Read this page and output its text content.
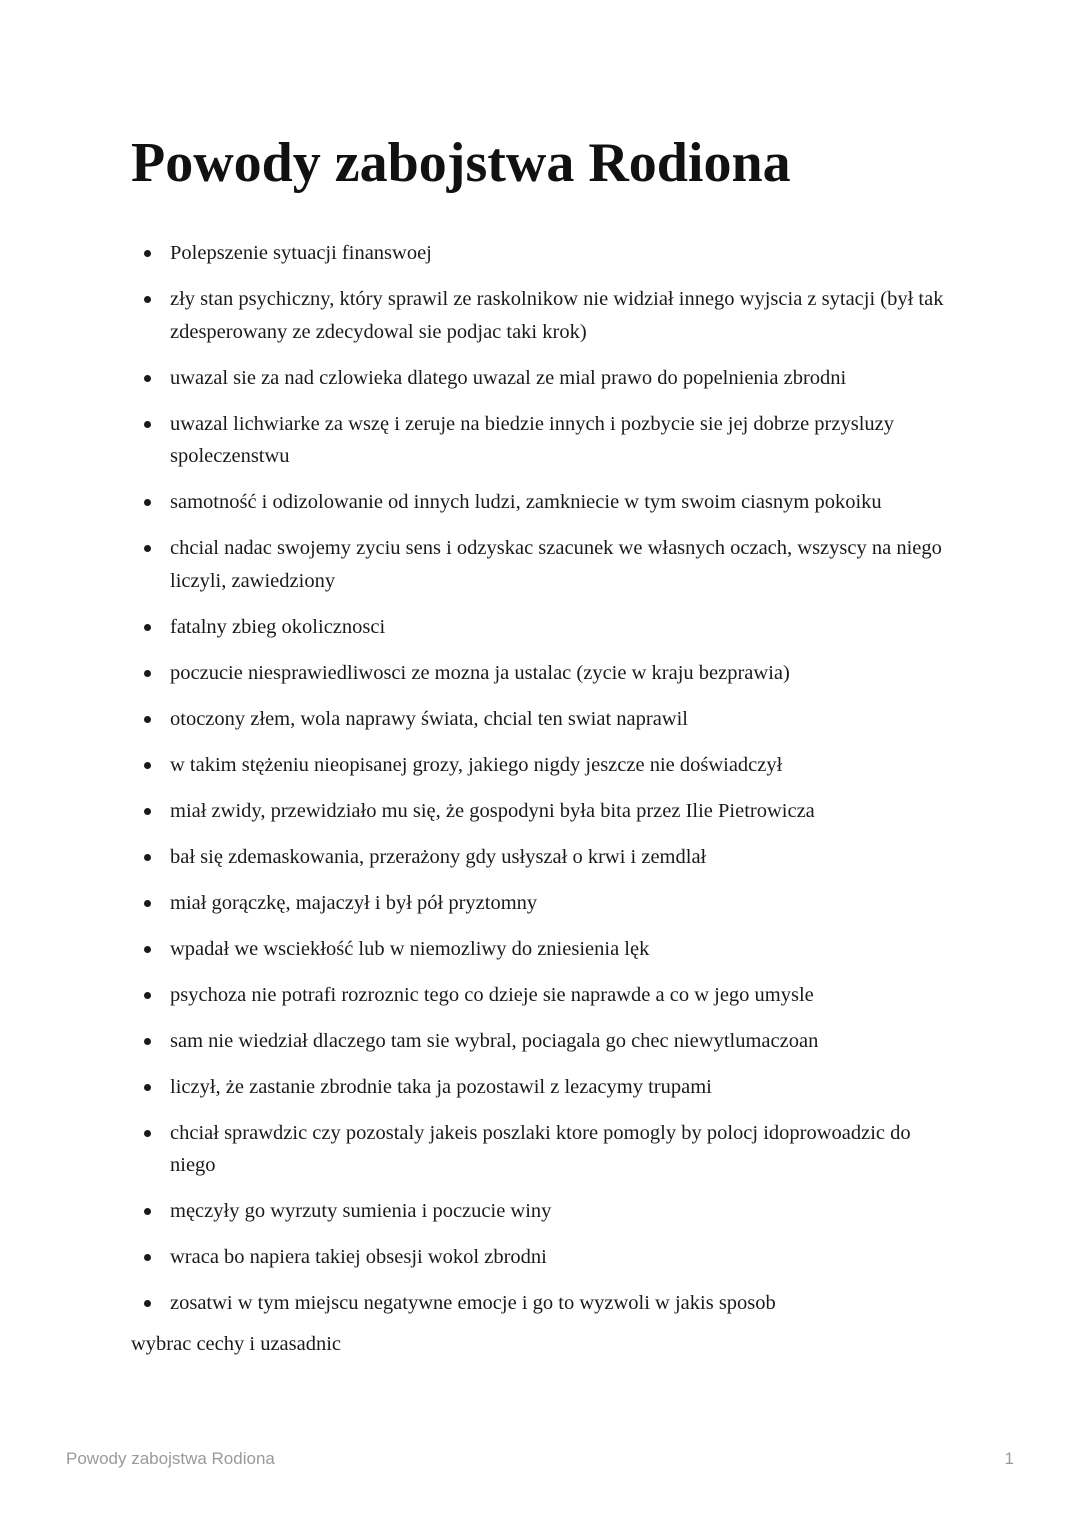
Powody zabojstwa Rodiona
Polepszenie sytuacji finanswoej
zły stan psychiczny, który sprawil ze raskolnikow nie widział innego wyjscia z sytacji (był tak zdesperowany ze zdecydowal sie podjac taki krok)
uwazal sie za nad czlowieka dlatego uwazal ze mial prawo do popelnienia zbrodni
uwazal lichwiarke za wszę i zeruje na biedzie innych i pozbycie sie jej dobrze przysluzy spoleczenstwu
samotność i odizolowanie od innych ludzi, zamkniecie w tym swoim ciasnym pokoiku
chcial nadac swojemy zyciu sens i odzyskac szacunek we własnych oczach, wszyscy na niego liczyli, zawiedziony
fatalny zbieg okolicznosci
poczucie niesprawiedliwosci ze mozna ja ustalac (zycie w kraju bezprawia)
otoczony złem, wola naprawy świata, chcial ten swiat naprawil
w takim stężeniu nieopisanej grozy, jakiego nigdy jeszcze nie doświadczył
miał zwidy, przewidziało mu się, że gospodyni była bita przez Ilie Pietrowicza
bał się zdemaskowania, przerażony gdy usłyszał o krwi i zemdlał
miał gorączkę, majaczył i był pół pryztomny
wpadał we wsciekłość lub w niemozliwy do zniesienia lęk
psychoza nie potrafi rozroznic tego co dzieje sie naprawde a co w jego umysle
sam nie wiedział dlaczego tam sie wybral, pociagala go chec niewytlumaczoan
liczył, że zastanie zbrodnie taka ja pozostawil z lezacymy trupami
chciał sprawdzic czy pozostaly jakeis poszlaki ktore pomogly by polocj idoprowoadzic do niego
męczyły go wyrzuty sumienia i poczucie winy
wraca bo napiera takiej obsesji wokol zbrodni
zosatwi w tym miejscu negatywne emocje i go to wyzwoli w jakis sposob

wybrac cechy i uzasadnic

Powody zabojstwa Rodiona	1
